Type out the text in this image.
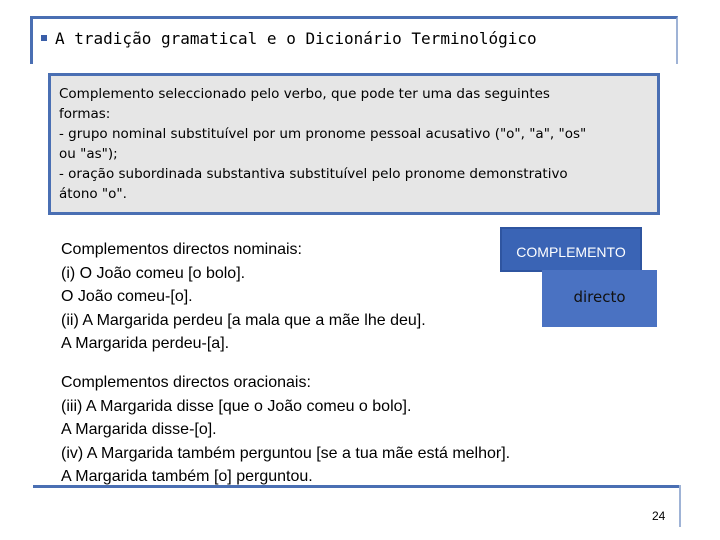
A tradição gramatical e o Dicionário Terminológico
Complemento seleccionado pelo verbo, que pode ter uma das seguintes
formas:
- grupo nominal substituível por um pronome pessoal acusativo ("o", "a", "os"
ou "as");
- oração subordinada substantiva substituível pelo pronome demonstrativo
átono "o".
Complementos directos nominais:
(i) O João comeu [o bolo].
O João comeu-[o].
(ii) A Margarida perdeu [a mala que a mãe lhe deu].
A Margarida perdeu-[a].
COMPLEMENTO
directo
Complementos directos oracionais:
(iii) A Margarida disse [que o João comeu o bolo].
A Margarida disse-[o].
(iv) A Margarida também perguntou [se a tua mãe está melhor].
A Margarida também [o] perguntou.
24
